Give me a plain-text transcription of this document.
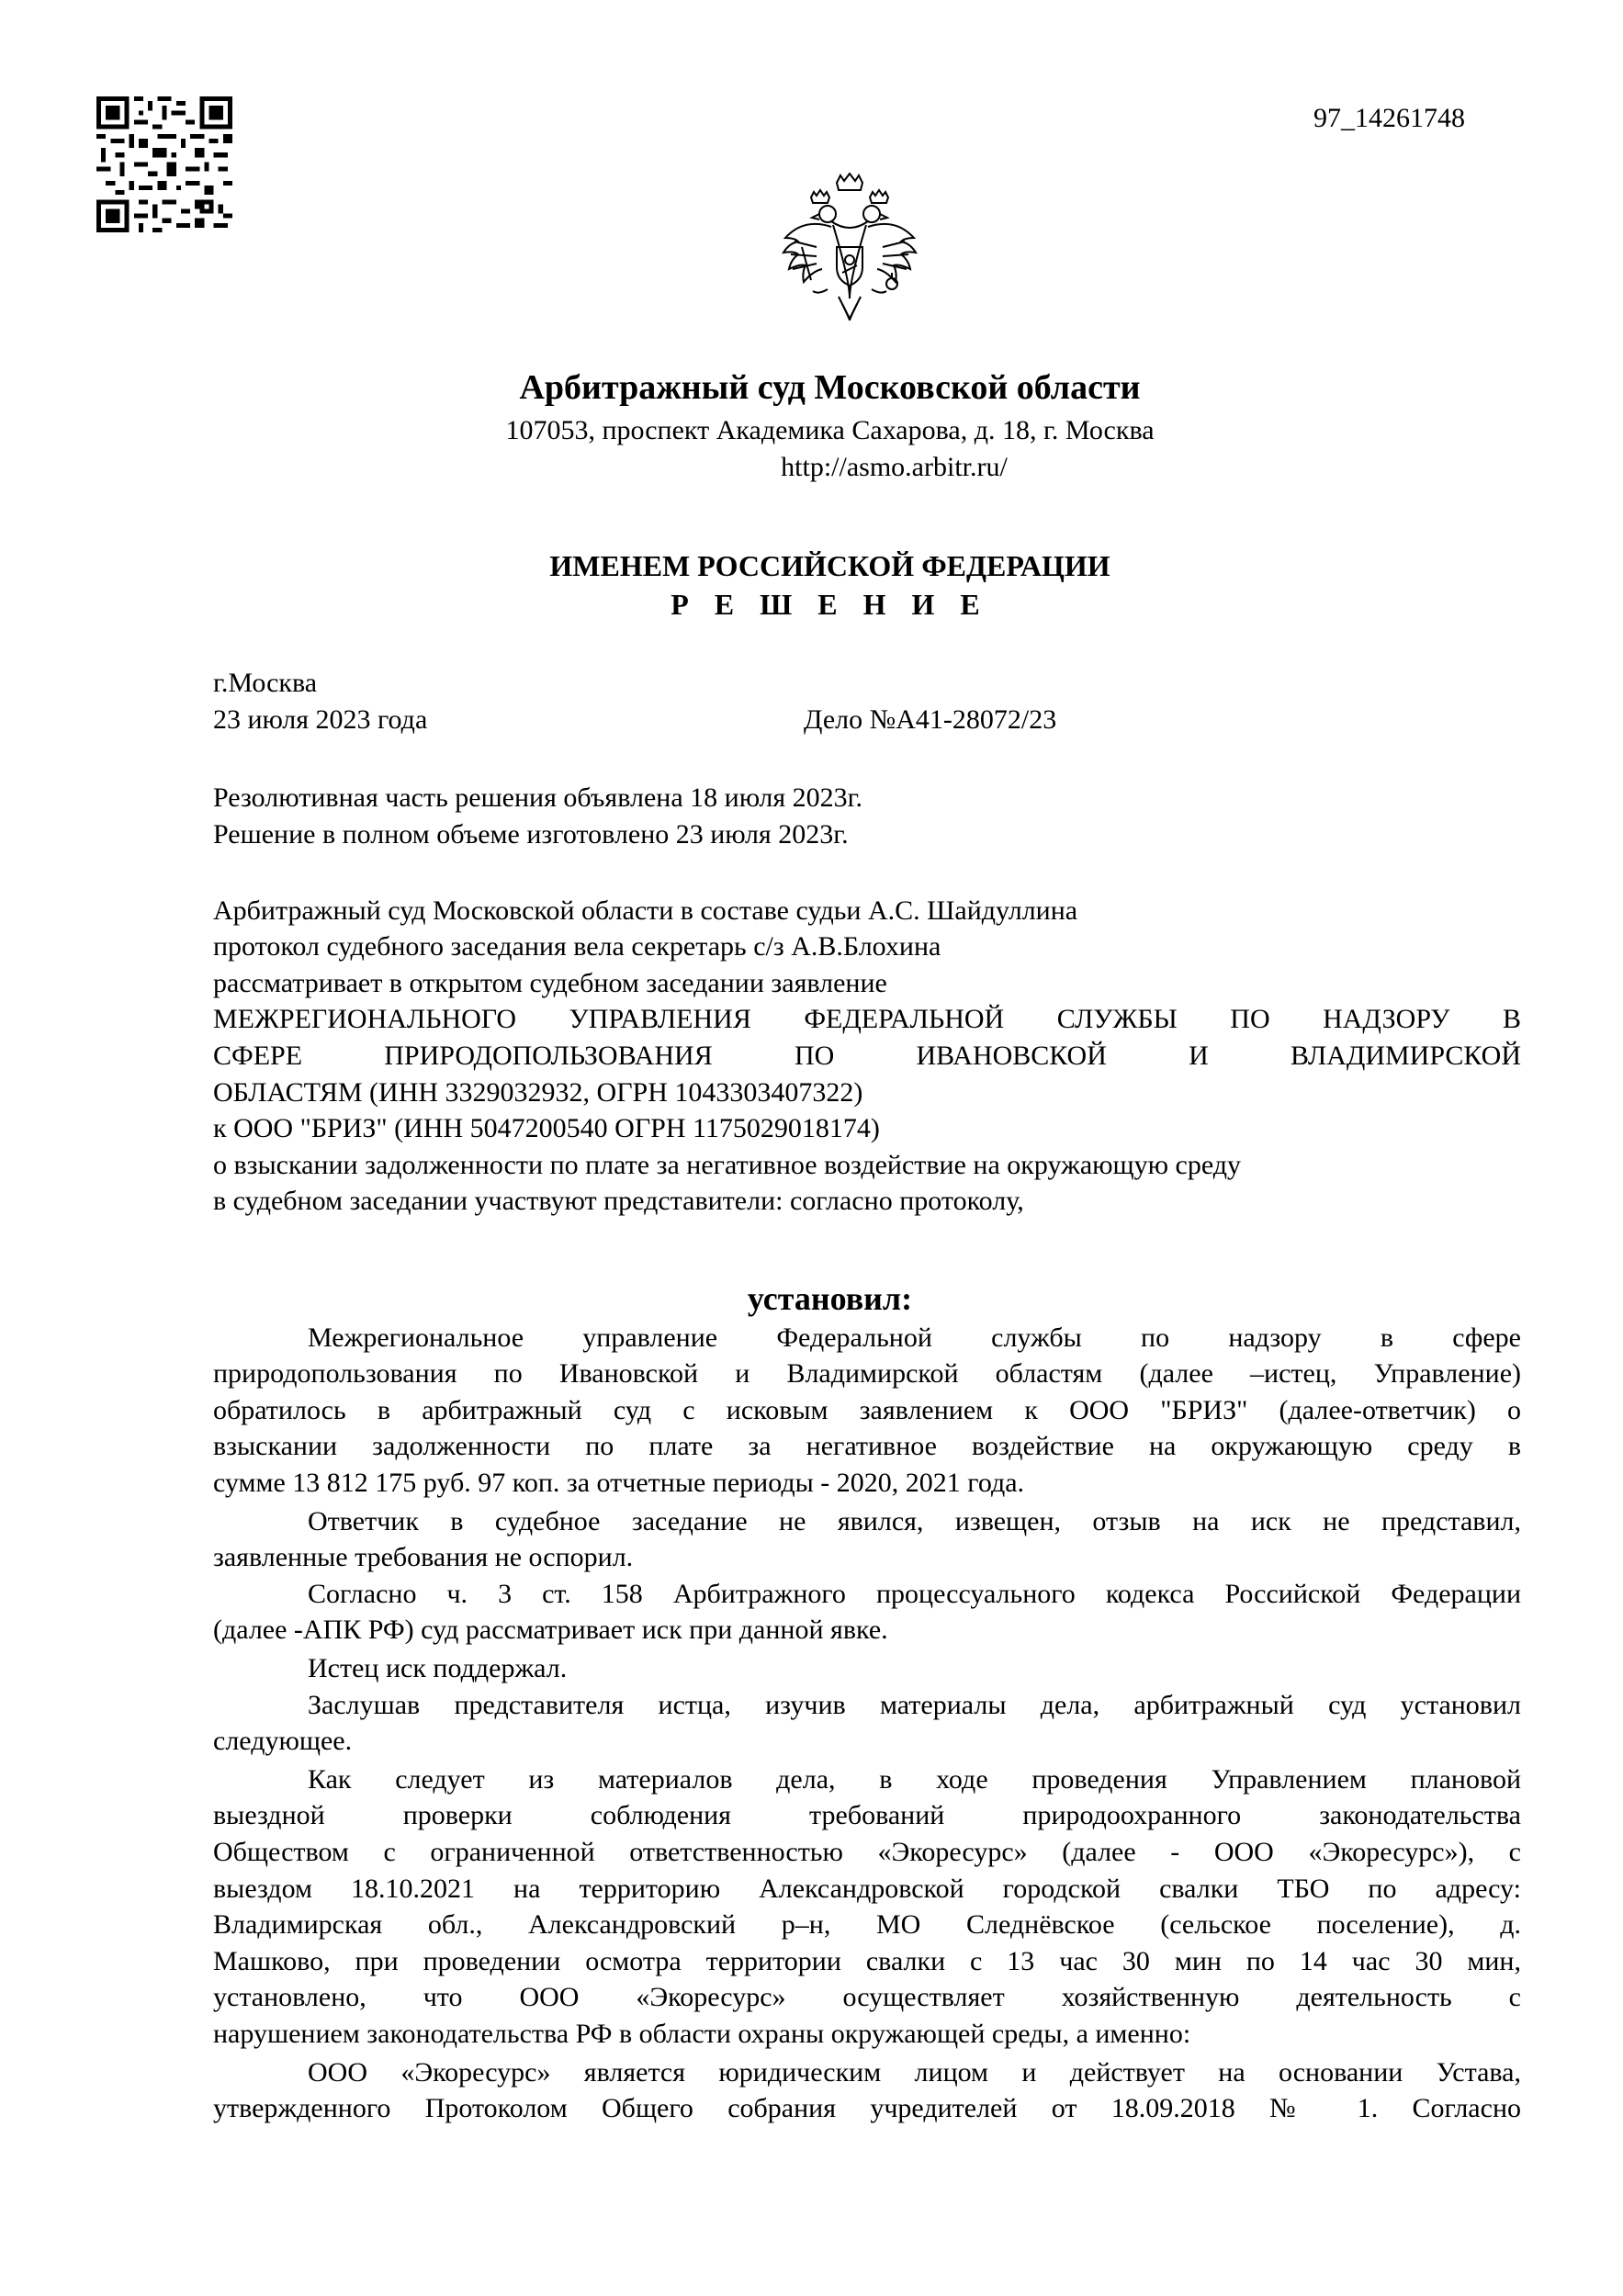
97_14261748
Арбитражный суд Московской области
107053, проспект Академика Сахарова, д. 18, г. Москва
http://asmo.arbitr.ru/
ИМЕНЕМ РОССИЙСКОЙ ФЕДЕРАЦИИ
Р Е Ш Е Н И Е
г.Москва
23 июля 2023 года	Дело №А41-28072/23
Резолютивная часть решения объявлена 18 июля 2023г.
Решение в полном объеме изготовлено 23 июля 2023г.
Арбитражный суд Московской области в составе судьи А.С. Шайдуллина
протокол судебного заседания вела секретарь с/з А.В.Блохина
рассматривает в открытом судебном заседании заявление
МЕЖРЕГИОНАЛЬНОГО УПРАВЛЕНИЯ ФЕДЕРАЛЬНОЙ СЛУЖБЫ ПО НАДЗОРУ В
СФЕРЕ ПРИРОДОПОЛЬЗОВАНИЯ ПО ИВАНОВСКОЙ И ВЛАДИМИРСКОЙ
ОБЛАСТЯМ (ИНН 3329032932, ОГРН 1043303407322)
к ООО "БРИЗ" (ИНН 5047200540 ОГРН 1175029018174)
о взыскании задолженности по плате за негативное воздействие на окружающую среду
в судебном заседании участвуют представители: согласно протоколу,
установил:
Межрегиональное управление Федеральной службы по надзору в сфере
природопользования по Ивановской и Владимирской областям (далее –истец, Управление)
обратилось в арбитражный суд с исковым заявлением к ООО "БРИЗ" (далее-ответчик) о
взыскании задолженности по плате за негативное воздействие на окружающую среду в
сумме 13 812 175 руб. 97 коп. за отчетные периоды - 2020, 2021 года.
Ответчик в судебное заседание не явился, извещен, отзыв на иск не представил,
заявленные требования не оспорил.
Согласно ч. 3 ст. 158 Арбитражного процессуального кодекса Российской Федерации
(далее -АПК РФ) суд рассматривает иск при данной явке.
Истец иск поддержал.
Заслушав представителя истца, изучив материалы дела, арбитражный суд установил
следующее.
Как следует из материалов дела, в ходе проведения Управлением плановой
выездной проверки соблюдения требований природоохранного законодательства
Обществом с ограниченной ответственностью «Экоресурс» (далее - ООО «Экоресурс»), с
выездом 18.10.2021 на территорию Александровской городской свалки ТБО по адресу:
Владимирская обл., Александровский р–н, МО Следнёвское (сельское поселение), д.
Машково, при проведении осмотра территории свалки с 13 час 30 мин по 14 час 30 мин,
установлено, что ООО «Экоресурс» осуществляет хозяйственную деятельность с
нарушением законодательства РФ в области охраны окружающей среды, а именно:
ООО «Экоресурс» является юридическим лицом и действует на основании Устава,
утвержденного Протоколом Общего собрания учредителей от 18.09.2018 № 1. Согласно
